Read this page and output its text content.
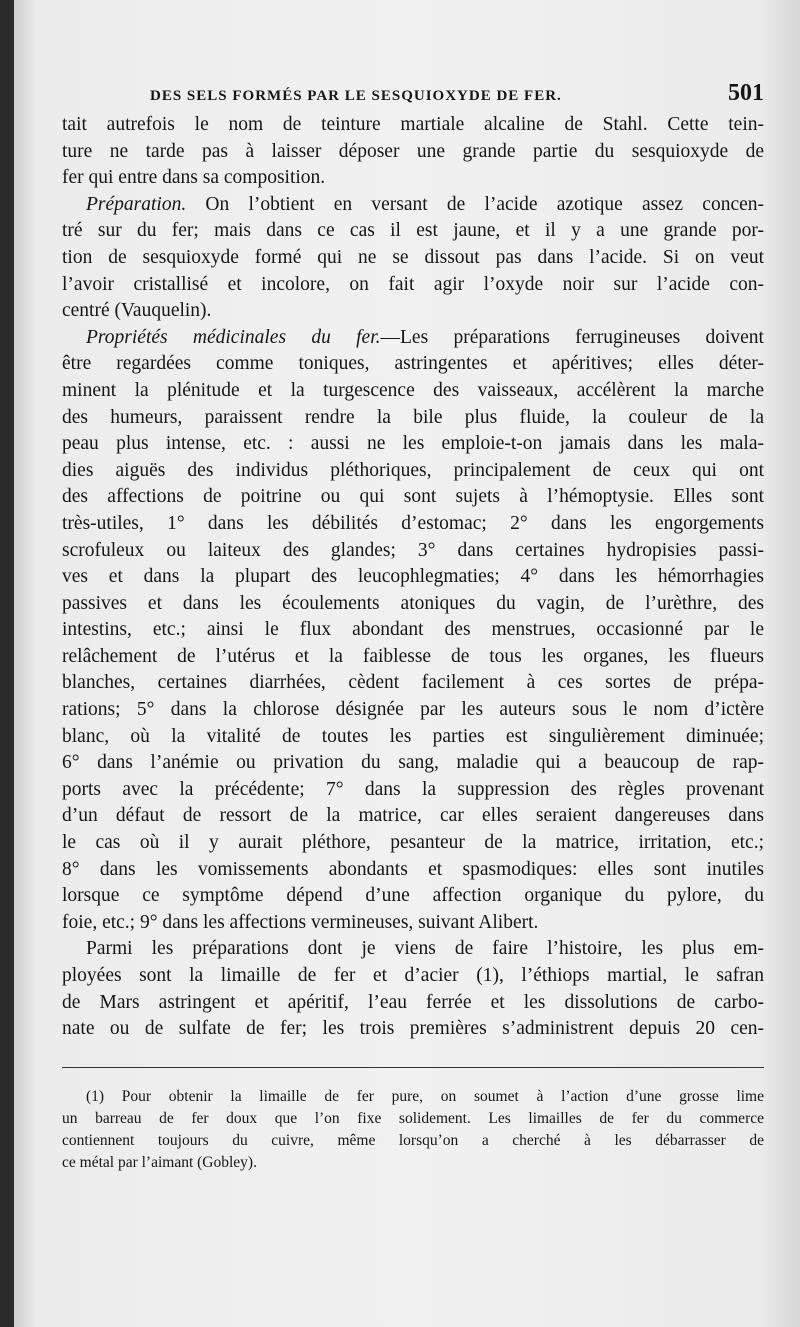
DES SELS FORMÉS PAR LE SESQUIOXYDE DE FER.	501

tait autrefois le nom de teinture martiale alcaline de Stahl. Cette tein-
ture ne tarde pas à laisser déposer une grande partie du sesquioxyde de
fer qui entre dans sa composition.

Préparation. On l’obtient en versant de l’acide azotique assez concen-
tré sur du fer; mais dans ce cas il est jaune, et il y a une grande por-
tion de sesquioxyde formé qui ne se dissout pas dans l’acide. Si on veut
l’avoir cristallisé et incolore, on fait agir l’oxyde noir sur l’acide con-
centré (Vauquelin).

Propriétés médicinales du fer.—Les préparations ferrugineuses doivent
être regardées comme toniques, astringentes et apéritives; elles déter-
minent la plénitude et la turgescence des vaisseaux, accélèrent la marche
des humeurs, paraissent rendre la bile plus fluide, la couleur de la
peau plus intense, etc. : aussi ne les emploie-t-on jamais dans les mala-
dies aiguës des individus pléthoriques, principalement de ceux qui ont
des affections de poitrine ou qui sont sujets à l’hémoptysie. Elles sont
très-utiles, 1° dans les débilités d’estomac; 2° dans les engorgements
scrofuleux ou laiteux des glandes; 3° dans certaines hydropisies passi-
ves et dans la plupart des leucophlegmaties; 4° dans les hémorrhagies
passives et dans les écoulements atoniques du vagin, de l’urèthre, des
intestins, etc.; ainsi le flux abondant des menstrues, occasionné par le
relâchement de l’utérus et la faiblesse de tous les organes, les flueurs
blanches, certaines diarrhées, cèdent facilement à ces sortes de prépa-
rations; 5° dans la chlorose désignée par les auteurs sous le nom d’ictère
blanc, où la vitalité de toutes les parties est singulièrement diminuée;
6° dans l’anémie ou privation du sang, maladie qui a beaucoup de rap-
ports avec la précédente; 7° dans la suppression des règles provenant
d’un défaut de ressort de la matrice, car elles seraient dangereuses dans
le cas où il y aurait pléthore, pesanteur de la matrice, irritation, etc.;
8° dans les vomissements abondants et spasmodiques: elles sont inutiles
lorsque ce symptôme dépend d’une affection organique du pylore, du
foie, etc.; 9° dans les affections vermineuses, suivant Alibert.

Parmi les préparations dont je viens de faire l’histoire, les plus em-
ployées sont la limaille de fer et d’acier (1), l’éthiops martial, le safran
de Mars astringent et apéritif, l’eau ferrée et les dissolutions de carbo-
nate ou de sulfate de fer; les trois premières s’administrent depuis 20 cen-

(1) Pour obtenir la limaille de fer pure, on soumet à l’action d’une grosse lime
un barreau de fer doux que l’on fixe solidement. Les limailles de fer du commerce
contiennent toujours du cuivre, même lorsqu’on a cherché à les débarrasser de
ce métal par l’aimant (Gobley).
